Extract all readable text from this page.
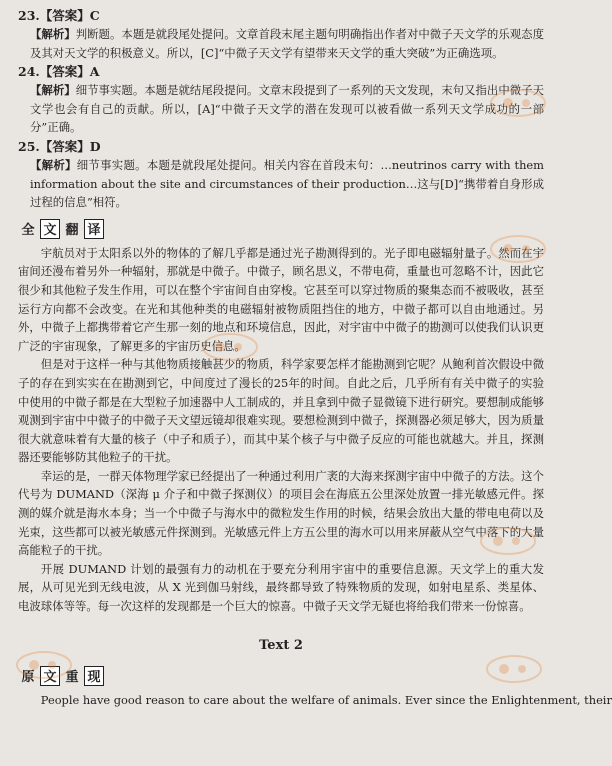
23.【答案】C

【解析】判断题。本题是就段尾处提问。文章首段末尾主题句明确指出作者对中微子天文学的乐观态度及其对天文学的积极意义。所以，[C]“中微子天文学有望带来天文学的重大突破”为正确选项。

24.【答案】A

【解析】细节事实题。本题是就结尾段提问。文章末段提到了一系列的天文发现，末句又指出中微子天文学也会有自己的贡献。所以，[A]“中微子天文学的潜在发现可以被看做一系列天文学成功的一部分”正确。

25.【答案】D

【解析】细节事实题。本题是就段尾处提问。相关内容在首段末句：…neutrinos carry with them information about the site and circumstances of their production…这与[D]“携带着自身形成过程的信息”相符。

全 文 翻 译

宇航员对于太阳系以外的物体的了解几乎都是通过光子勘测得到的。光子即电磁辐射量子。然而在宇宙间还漫布着另外一种辐射，那就是中微子。中微子，顾名思义，不带电荷，重量也可忽略不计，因此它很少和其他粒子发生作用，可以在整个宇宙间自由穿梭。它甚至可以穿过物质的聚集态而不被吸收，甚至运行方向都不会改变。在光和其他种类的电磁辐射被物质阻挡住的地方，中微子都可以自由地通过。另外，中微子上都携带着它产生那一刻的地点和环境信息，因此，对宇宙中中微子的勘测可以使我们认识更广泛的宇宙现象，了解更多的宇宙历史信息。

但是对于这样一种与其他物质接触甚少的物质，科学家要怎样才能勘测到它呢？从鲍利首次假设中微子的存在到实实在在勘测到它，中间度过了漫长的25年的时间。自此之后，几乎所有有关中微子的实验中使用的中微子都是在大型粒子加速器中人工制成的，并且拿到中微子显微镜下进行研究。要想制成能够观测到宇宙中中微子的中微子天文望远镜却很难实现。要想检测到中微子，探测器必须足够大，因为质量很大就意味着有大量的核子（中子和质子），而其中某个核子与中微子反应的可能也就越大。并且，探测器还要能够防其他粒子的干扰。

幸运的是，一群天体物理学家已经提出了一种通过利用广袤的大海来探测宇宙中中微子的方法。这个代号为 DUMAND（深海 μ 介子和中微子探测仪）的项目会在海底五公里深处放置一排光敏感元件。探测的媒介就是海水本身；当一个中微子与海水中的微粒发生作用的时候，结果会放出大量的带电电荷以及光束，这些都可以被光敏感元件探测到。光敏感元件上方五公里的海水可以用来屏蔽从空气中落下的大量高能粒子的干扰。

开展 DUMAND 计划的最强有力的动机在于要充分利用宇宙中的重要信息源。天文学上的重大发展，从可见光到无线电波，从 X 光到伽马射线，最终都导致了特殊物质的发现，如射电星系、类星体、电波球体等等。每一次这样的发现都是一个巨大的惊喜。中微子天文学无疑也将给我们带来一份惊喜。

Text 2
原 文 重 现

People have good reason to care about the welfare of animals. Ever since the Enlightenment, their
